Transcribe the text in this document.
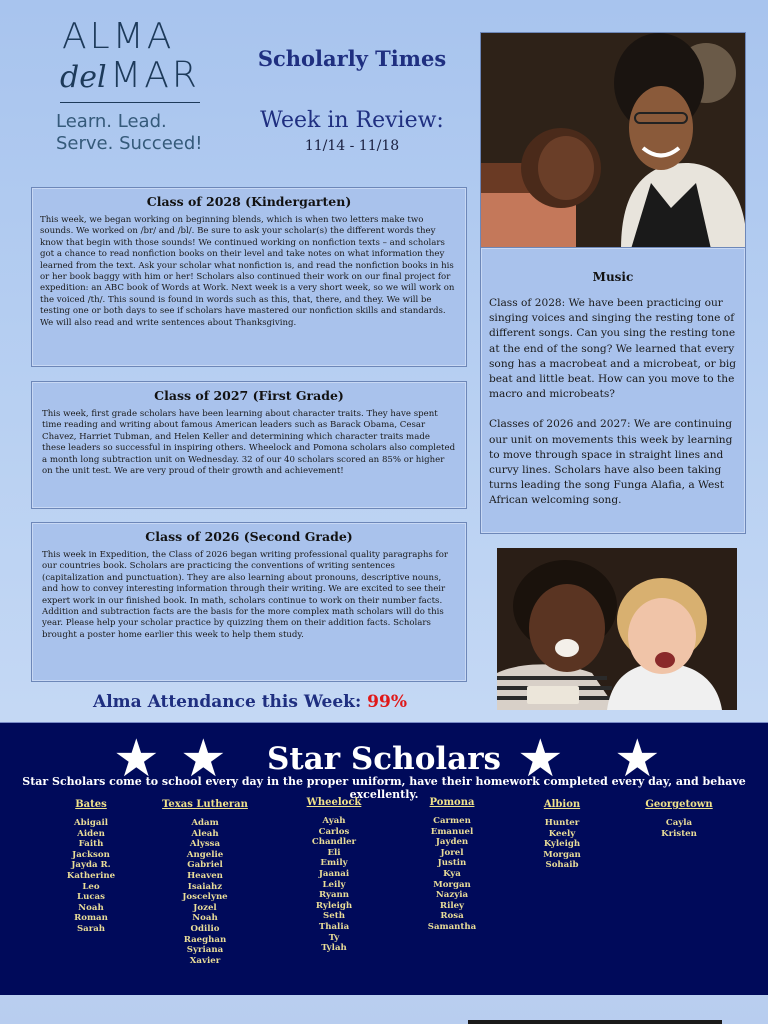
ALMA
del MAR
Learn. Lead.
Serve. Succeed!
Scholarly Times
Week in Review:
11/14 - 11/18
Music

Class of 2028: We have been practicing our singing voices and singing the resting tone of different songs. Can you sing the resting tone at the end of the song? We learned that every song has a macrobeat and a microbeat, or big beat and little beat. How can you move to the macro and microbeats?

Classes of 2026 and 2027: We are continuing our unit on movements this week by learning to move through space in straight lines and curvy lines. Scholars have also been taking turns leading the song Funga Alafia, a West African welcoming song.

Class of 2028 (Kindergarten)

This week, we began working on beginning blends, which is when two letters make two sounds. We worked on /br/ and /bl/. Be sure to ask your scholar(s) the different words they know that begin with those sounds! We continued working on nonfiction texts – and scholars got a chance to read nonfiction books on their level and take notes on what information they learned from the text. Ask your scholar what nonfiction is, and read the nonfiction books in his or her book baggy with him or her! Scholars also continued their work on our final project for expedition: an ABC book of Words at Work. Next week is a very short week, so we will work on the voiced /th/. This sound is found in words such as this, that, there, and they. We will be testing one or both days to see if scholars have mastered our nonfiction skills and standards. We will also read and write sentences about Thanksgiving.

Class of 2027 (First Grade)

This week, first grade scholars have been learning about character traits. They have spent time reading and writing about famous American leaders such as Barack Obama, Cesar Chavez, Harriet Tubman, and Helen Keller and determining which character traits made these leaders so successful in inspiring others. Wheelock and Pomona scholars also completed a month long subtraction unit on Wednesday. 32 of our 40 scholars scored an 85% or higher on the unit test. We are very proud of their growth and achievement!

Class of 2026 (Second Grade)

This week in Expedition, the Class of 2026 began writing professional quality paragraphs for our countries book. Scholars are practicing the conventions of writing sentences (capitalization and punctuation). They are also learning about pronouns, descriptive nouns, and how to convey interesting information through their writing. We are excited to see their expert work in our finished book. In math, scholars continue to work on their number facts. Addition and subtraction facts are the basis for the more complex math scholars will do this year. Please help your scholar practice by quizzing them on their addition facts. Scholars brought a poster home earlier this week to help them study.

Alma Attendance this Week: 99%
★ ★	Star Scholars ★ ★
Star Scholars come to school every day in the proper uniform, have their homework completed every day, and behave excellently.
Bates
Abigail
Aiden
Faith
Jackson
Jayda R.
Katherine
Leo
Lucas
Noah
Roman
Sarah
Texas Lutheran
Adam
Aleah
Alyssa
Angelie
Gabriel
Heaven
Isaiahz
Joscelyne
Jozel
Noah
Odilio
Raeghan
Syriana
Xavier
Wheelock
Ayah
Carlos
Chandler
Eli
Emily
Jaanai
Leily
Ryann
Ryleigh
Seth
Thalia
Ty
Tylah
Pomona
Carmen
Emanuel
Jayden
Jorel
Justin
Kya
Morgan
Nazyia
Riley
Rosa
Samantha
Albion
Hunter
Keely
Kyleigh
Morgan
Sohaib
Georgetown
Cayla
Kristen
